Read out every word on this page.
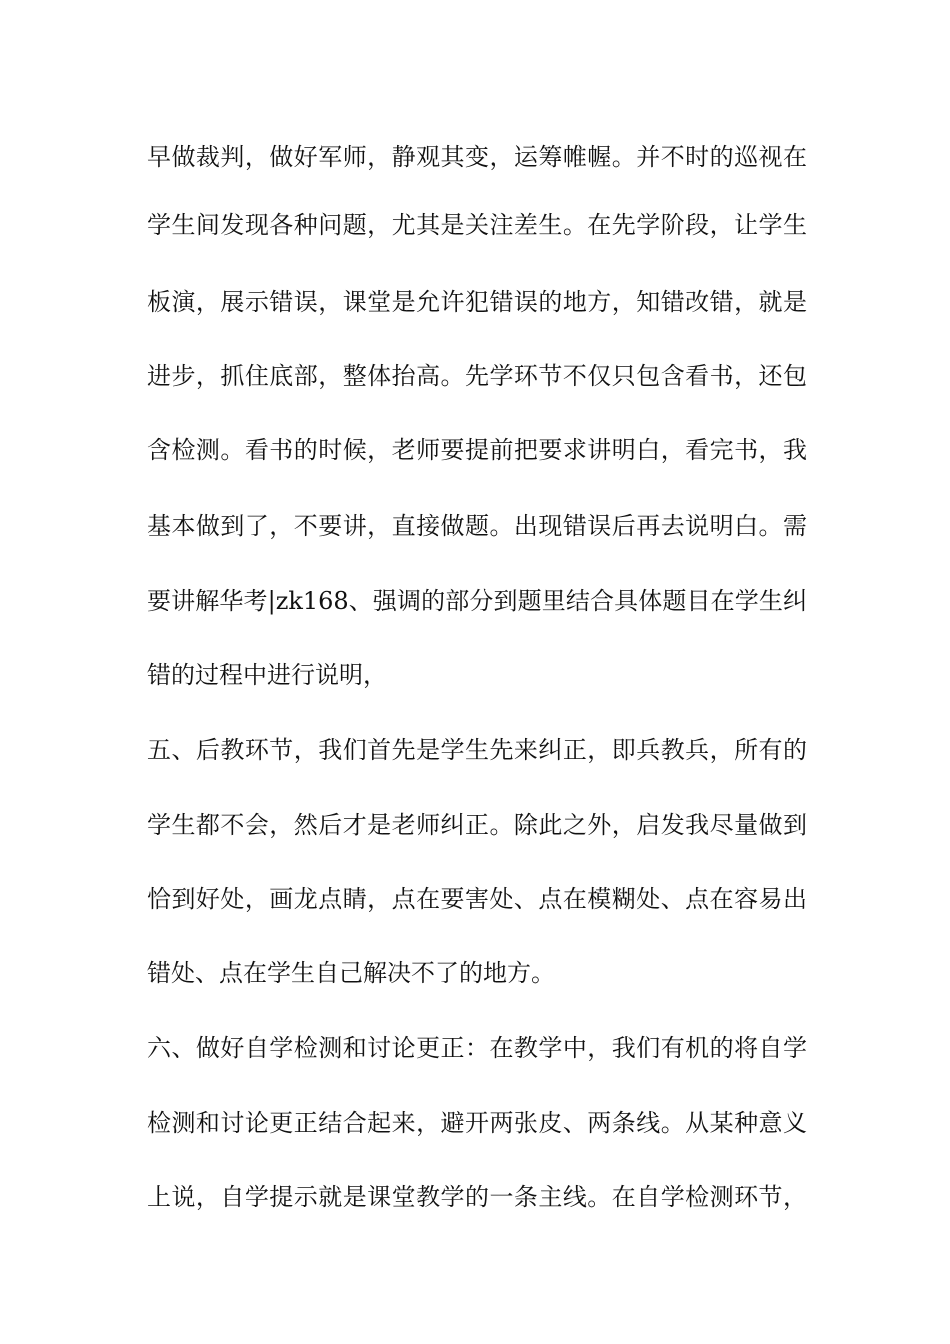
早做裁判，做好军师，静观其变，运筹帷幄。并不时的巡视在
学生间发现各种问题，尤其是关注差生。在先学阶段，让学生
板演，展示错误，课堂是允许犯错误的地方，知错改错，就是
进步，抓住底部，整体抬高。先学环节不仅只包含看书，还包
含检测。看书的时候，老师要提前把要求讲明白，看完书，我
基本做到了，不要讲，直接做题。出现错误后再去说明白。需
要讲解华考|zk168、强调的部分到题里结合具体题目在学生纠
错的过程中进行说明，
五、后教环节，我们首先是学生先来纠正，即兵教兵，所有的
学生都不会，然后才是老师纠正。除此之外，启发我尽量做到
恰到好处，画龙点睛，点在要害处、点在模糊处、点在容易出
错处、点在学生自己解决不了的地方。
六、做好自学检测和讨论更正：在教学中，我们有机的将自学
检测和讨论更正结合起来，避开两张皮、两条线。从某种意义
上说，自学提示就是课堂教学的一条主线。在自学检测环节，
